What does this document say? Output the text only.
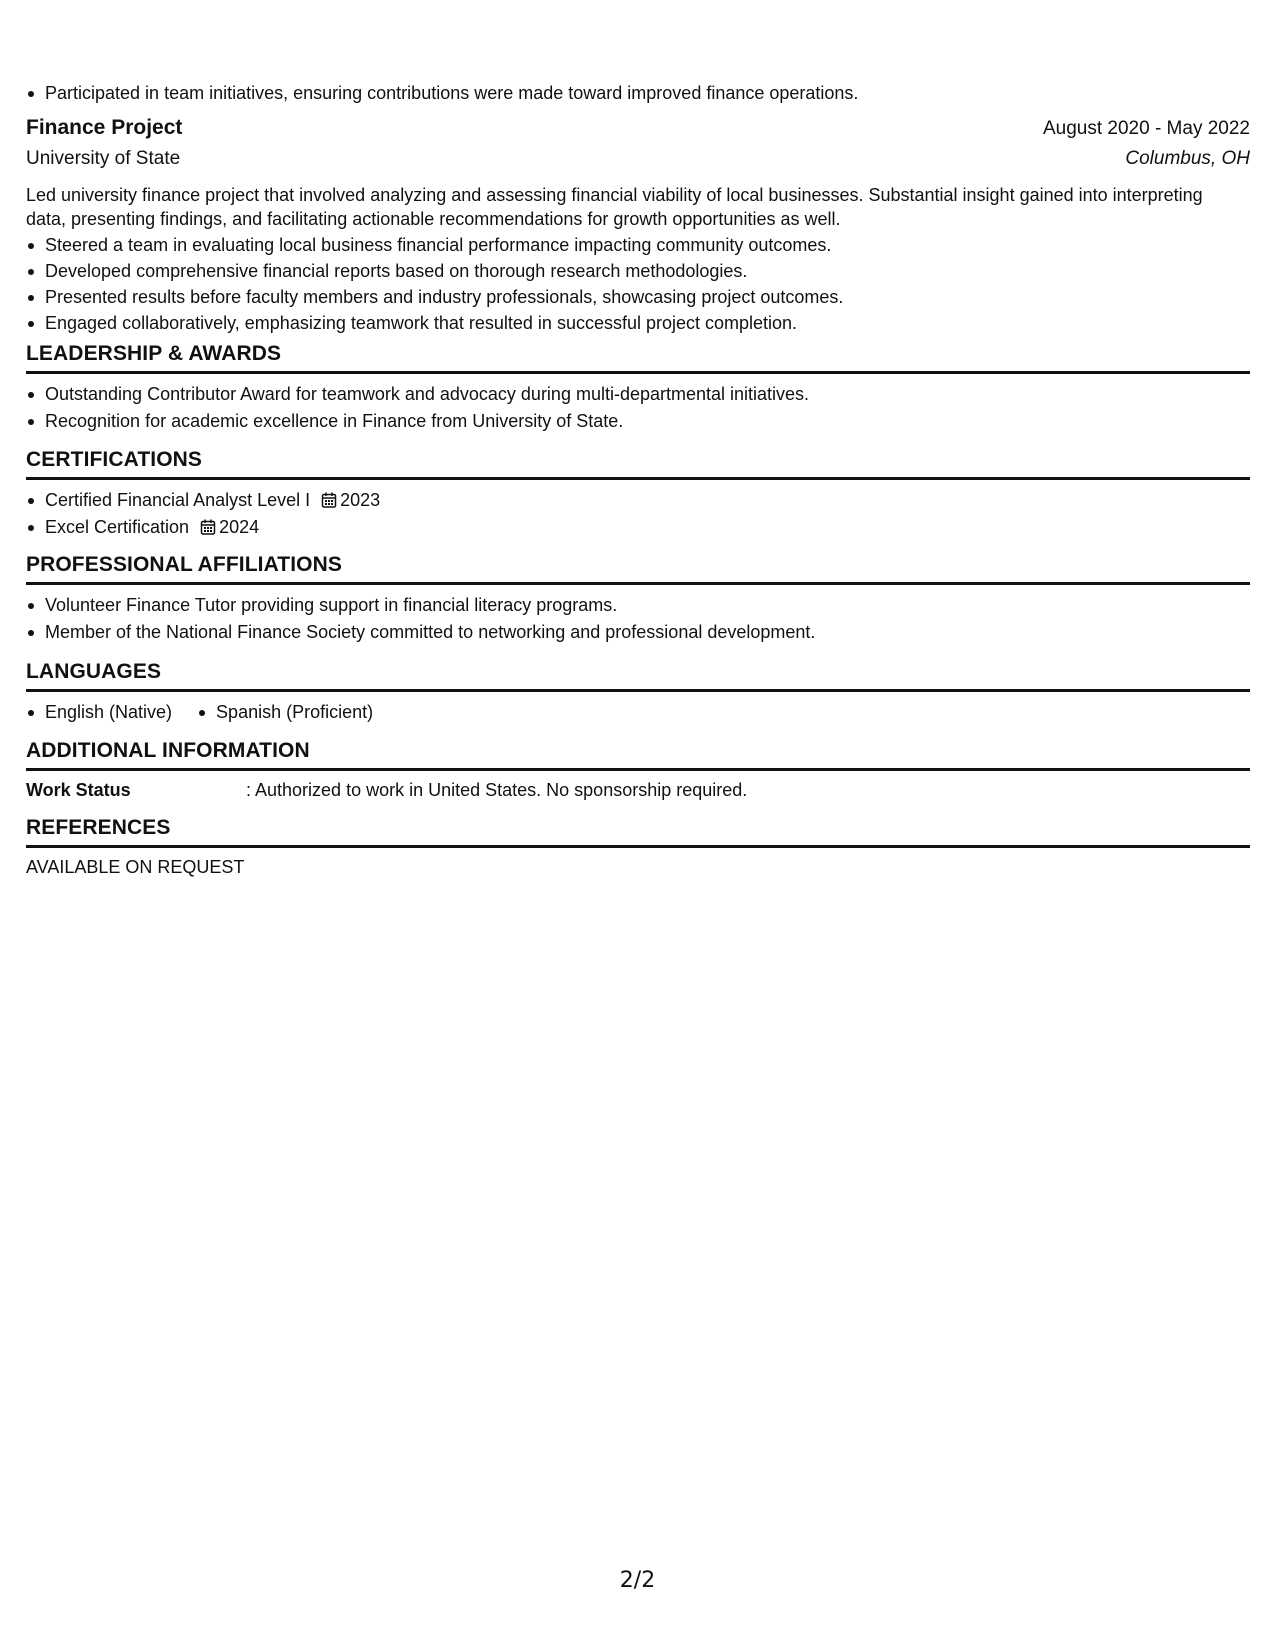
Participated in team initiatives, ensuring contributions were made toward improved finance operations.
Finance Project	August 2020 - May 2022
University of State	Columbus, OH
Led university finance project that involved analyzing and assessing financial viability of local businesses. Substantial insight gained into interpreting data, presenting findings, and facilitating actionable recommendations for growth opportunities as well.
Steered a team in evaluating local business financial performance impacting community outcomes.
Developed comprehensive financial reports based on thorough research methodologies.
Presented results before faculty members and industry professionals, showcasing project outcomes.
Engaged collaboratively, emphasizing teamwork that resulted in successful project completion.
LEADERSHIP & AWARDS
Outstanding Contributor Award for teamwork and advocacy during multi-departmental initiatives.
Recognition for academic excellence in Finance from University of State.
CERTIFICATIONS
Certified Financial Analyst Level I 2023
Excel Certification 2024
PROFESSIONAL AFFILIATIONS
Volunteer Finance Tutor providing support in financial literacy programs.
Member of the National Finance Society committed to networking and professional development.
LANGUAGES
English (Native)	Spanish (Proficient)
ADDITIONAL INFORMATION
Work Status	: Authorized to work in United States. No sponsorship required.
REFERENCES
AVAILABLE ON REQUEST
2/2
